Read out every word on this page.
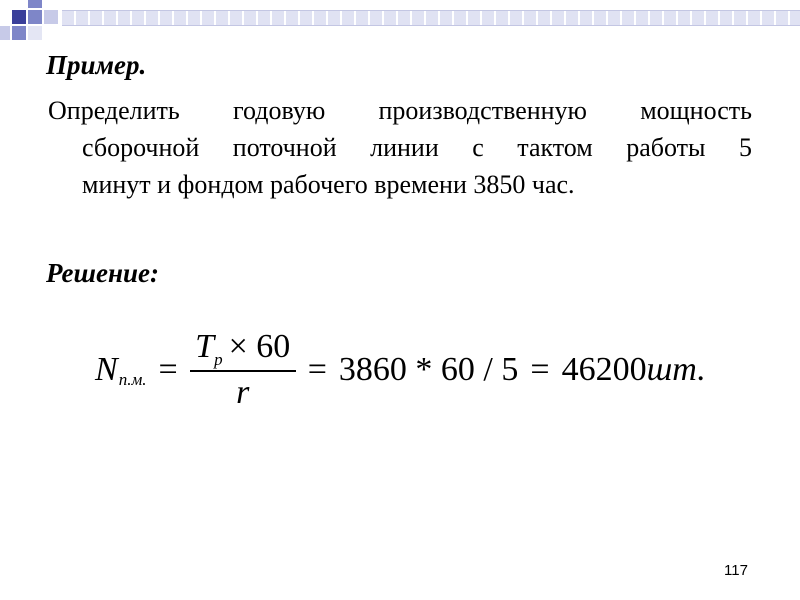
Пример.
Определить годовую производственную мощность
сборочной поточной линии с тактом работы 5
минут и фондом рабочего времени 3850 час.
Решение:
N п.м. = $\frac{T_p \times 60}{r} = 3860 * 60 / 5 = 46200$ шт.
117
